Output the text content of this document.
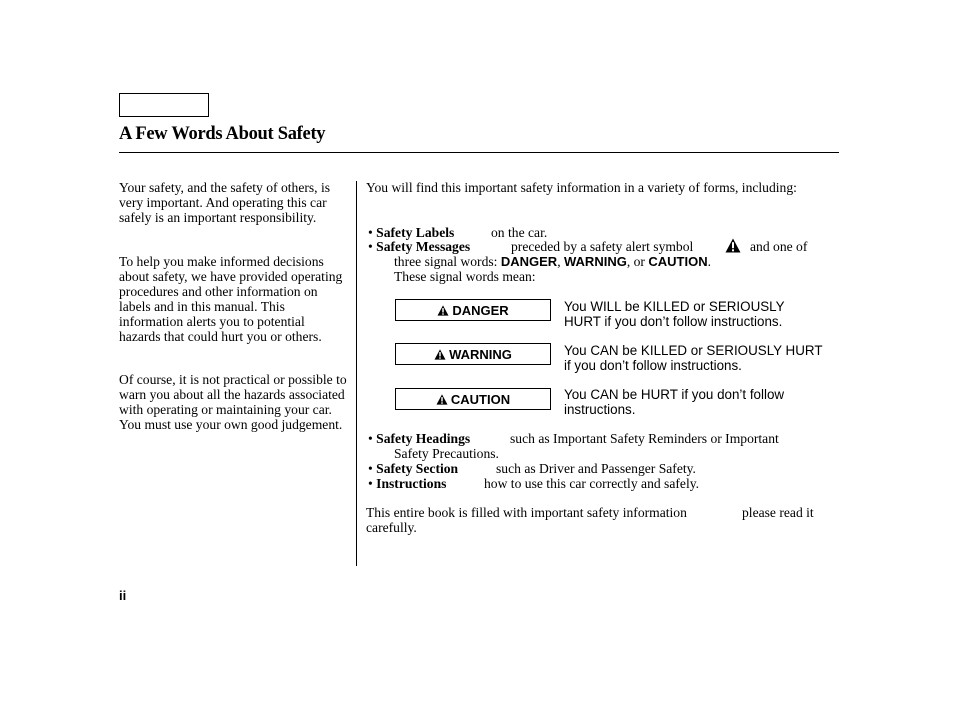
A Few Words About Safety
Your safety, and the safety of others, is very important. And operating this car safely is an important responsibility.
To help you make informed decisions about safety, we have provided operating procedures and other information on labels and in this manual. This information alerts you to potential hazards that could hurt you or others.
Of course, it is not practical or possible to warn you about all the hazards associated with operating or maintaining your car. You must use your own good judgement.
You will find this important safety information in a variety of forms, including:
• Safety Labels	on the car.
• Safety Messages	preceded by a safety alert symbol	and one of
three signal words: DANGER, WARNING, or CAUTION.
These signal words mean:
DANGER	You WILL be KILLED or SERIOUSLY HURT if you don’t follow instructions.
WARNING	You CAN be KILLED or SERIOUSLY HURT if you don’t follow instructions.
CAUTION	You CAN be HURT if you don’t follow instructions.
• Safety Headings	such as Important Safety Reminders or Important
Safety Precautions.
• Safety Section	such as Driver and Passenger Safety.
• Instructions	how to use this car correctly and safely.
This entire book is filled with important safety information	please read it
carefully.
ii
